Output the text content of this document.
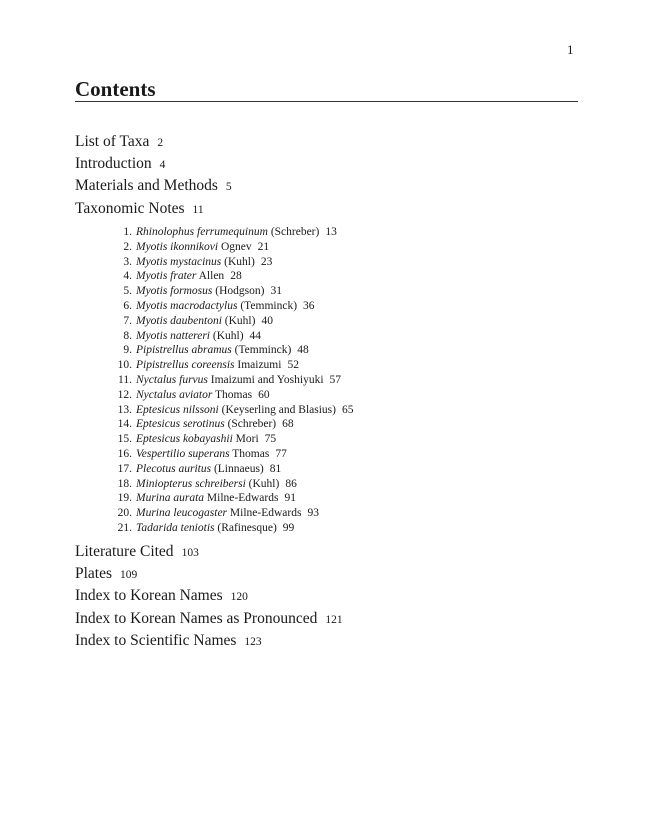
1
Contents
List of Taxa 2
Introduction 4
Materials and Methods 5
Taxonomic Notes 11
1. Rhinolophus ferrumequinum (Schreber) 13
2. Myotis ikonnikovi Ognev 21
3. Myotis mystacinus (Kuhl) 23
4. Myotis frater Allen 28
5. Myotis formosus (Hodgson) 31
6. Myotis macrodactylus (Temminck) 36
7. Myotis daubentoni (Kuhl) 40
8. Myotis nattereri (Kuhl) 44
9. Pipistrellus abramus (Temminck) 48
10. Pipistrellus coreensis Imaizumi 52
11. Nyctalus furvus Imaizumi and Yoshiyuki 57
12. Nyctalus aviator Thomas 60
13. Eptesicus nilssoni (Keyserling and Blasius) 65
14. Eptesicus serotinus (Schreber) 68
15. Eptesicus kobayashii Mori 75
16. Vespertilio superans Thomas 77
17. Plecotus auritus (Linnaeus) 81
18. Miniopterus schreibersi (Kuhl) 86
19. Murina aurata Milne-Edwards 91
20. Murina leucogaster Milne-Edwards 93
21. Tadarida teniotis (Rafinesque) 99
Literature Cited 103
Plates 109
Index to Korean Names 120
Index to Korean Names as Pronounced 121
Index to Scientific Names 123
